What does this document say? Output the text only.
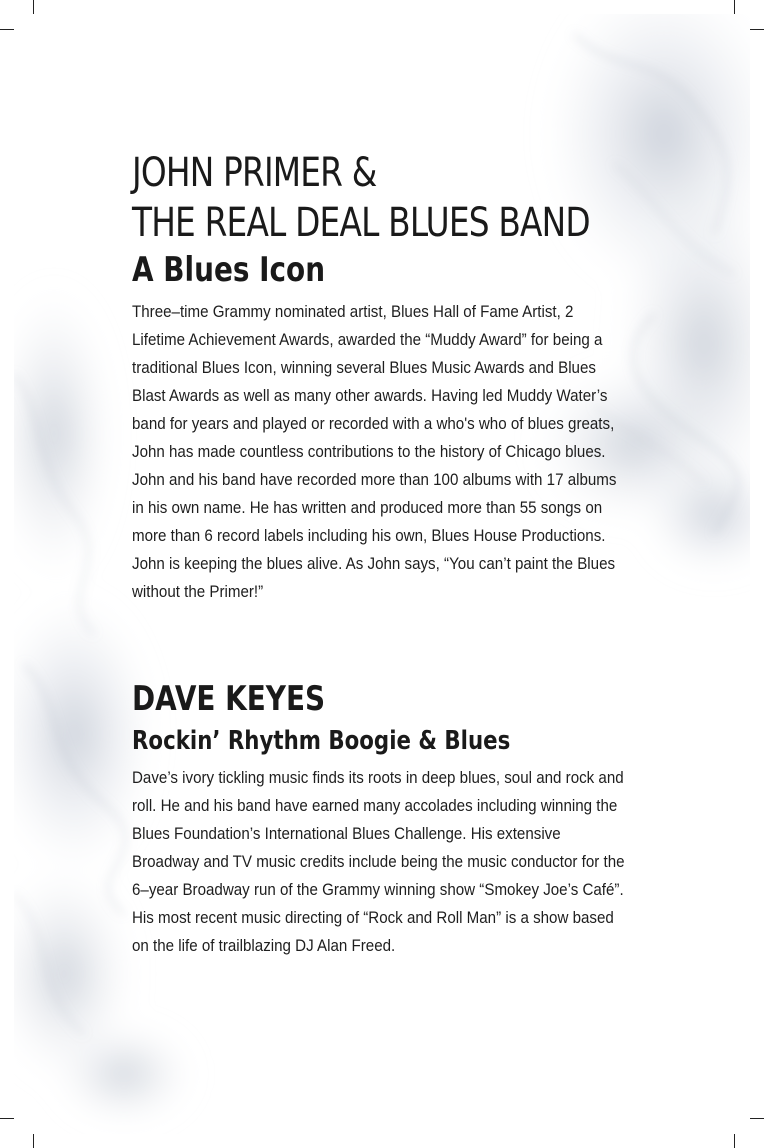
JOHN PRIMER &
THE REAL DEAL BLUES BAND
A Blues Icon

Three–time Grammy nominated artist, Blues Hall of Fame Artist, 2 Lifetime Achievement Awards, awarded the “Muddy Award” for being a traditional Blues Icon, winning several Blues Music Awards and Blues Blast Awards as well as many other awards. Having led Muddy Water’s band for years and played or recorded with a who's who of blues greats, John has made countless contributions to the history of Chicago blues. John and his band have recorded more than 100 albums with 17 albums in his own name. He has written and produced more than 55 songs on more than 6 record labels including his own, Blues House Productions. John is keeping the blues alive. As John says, “You can’t paint the Blues without the Primer!”

DAVE KEYES
Rockin’ Rhythm Boogie & Blues

Dave’s ivory tickling music finds its roots in deep blues, soul and rock and roll. He and his band have earned many accolades including winning the Blues Foundation’s International Blues Challenge. His extensive Broadway and TV music credits include being the music conductor for the 6–year Broadway run of the Grammy winning show “Smokey Joe’s Café”. His most recent music directing of “Rock and Roll Man” is a show based on the life of trailblazing DJ Alan Freed.
